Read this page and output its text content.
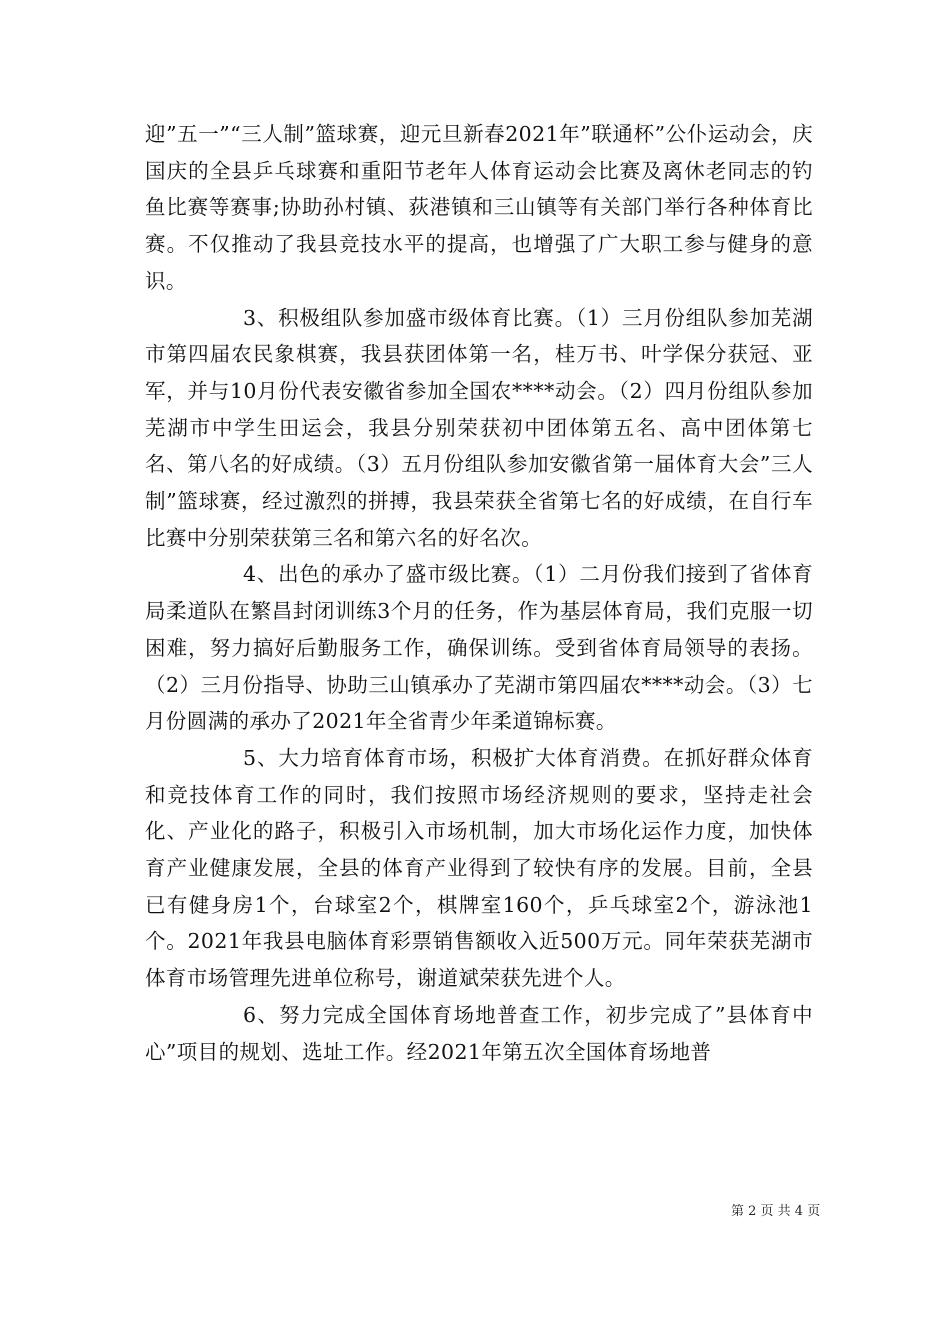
迎”五一”“三人制”篮球赛，迎元旦新春2021年”联通杯”公仆运动会，庆国庆的全县乒乓球赛和重阳节老年人体育运动会比赛及离休老同志的钓鱼比赛等赛事;协助孙村镇、荻港镇和三山镇等有关部门举行各种体育比赛。不仅推动了我县竞技水平的提高，也增强了广大职工参与健身的意识。

3、积极组队参加盛市级体育比赛。（1）三月份组队参加芜湖市第四届农民象棋赛，我县获团体第一名，桂万书、叶学保分获冠、亚军，并与10月份代表安徽省参加全国农****动会。（2）四月份组队参加芜湖市中学生田运会，我县分别荣获初中团体第五名、高中团体第七名、第八名的好成绩。（3）五月份组队参加安徽省第一届体育大会”三人制”篮球赛，经过激烈的拼搏，我县荣获全省第七名的好成绩，在自行车比赛中分别荣获第三名和第六名的好名次。

4、出色的承办了盛市级比赛。（1）二月份我们接到了省体育局柔道队在繁昌封闭训练3个月的任务，作为基层体育局，我们克服一切困难，努力搞好后勤服务工作，确保训练。受到省体育局领导的表扬。（2）三月份指导、协助三山镇承办了芜湖市第四届农****动会。（3）七月份圆满的承办了2021年全省青少年柔道锦标赛。

5、大力培育体育市场，积极扩大体育消费。在抓好群众体育和竞技体育工作的同时，我们按照市场经济规则的要求，坚持走社会化、产业化的路子，积极引入市场机制，加大市场化运作力度，加快体育产业健康发展，全县的体育产业得到了较快有序的发展。目前，全县已有健身房1个，台球室2个，棋牌室160个，乒乓球室2个，游泳池1个。2021年我县电脑体育彩票销售额收入近500万元。同年荣获芜湖市体育市场管理先进单位称号，谢道斌荣获先进个人。

6、努力完成全国体育场地普查工作，初步完成了”县体育中心”项目的规划、选址工作。经2021年第五次全国体育场地普

第 2 页 共 4 页
